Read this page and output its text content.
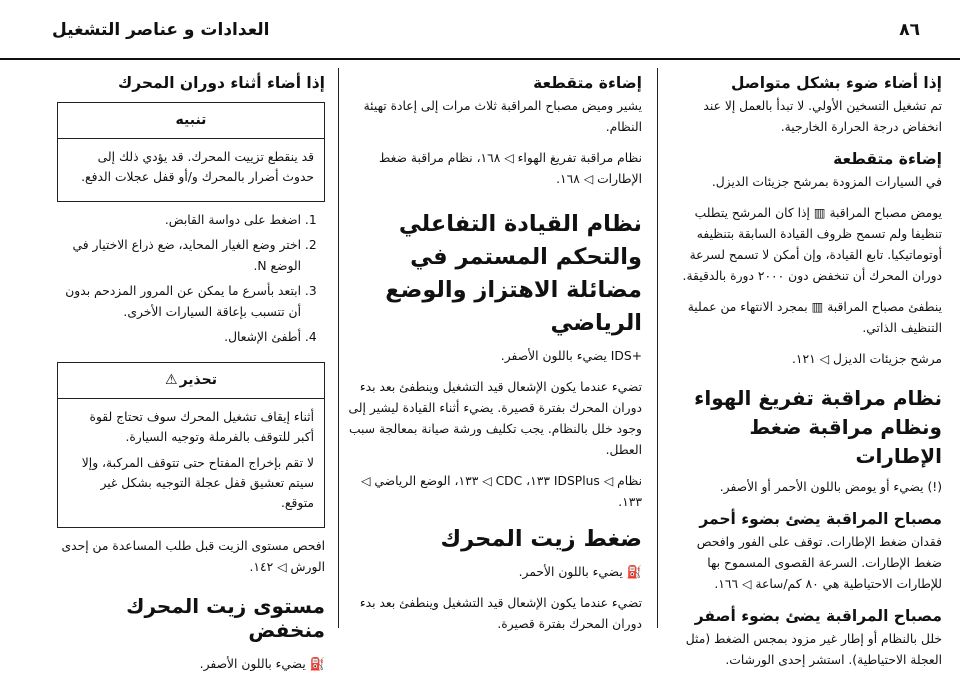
٨٦
العدادات و عناصر التشغيل
إذا أضاء ضوء بشكل متواصل

تم تشغيل التسخين الأولي. لا تبدأ بالعمل إلا عند انخفاض درجة الحرارة الخارجية.

إضاءة متقطعة

في السيارات المزودة بمرشح جزيئات الديزل.

يومض مصباح المراقبة ▥ إذا كان المرشح يتطلب تنظيفا ولم تسمح ظروف القيادة السابقة بتنظيفه أوتوماتيكيا. تابع القيادة، وإن أمكن لا تسمح لسرعة دوران المحرك أن تنخفض دون ٢٠٠٠ دورة بالدقيقة.

ينطفئ مصباح المراقبة ▥ بمجرد الانتهاء من عملية التنظيف الذاتي.

مرشح جزيئات الديزل ◁ ١٢١.

نظام مراقبة تفريغ الهواء ونظام مراقبة ضغط الإطارات

(!) يضيء أو يومض باللون الأحمر أو الأصفر.

مصباح المراقبة يضئ بضوء أحمر

فقدان ضغط الإطارات. توقف على الفور وافحص ضغط الإطارات. السرعة القصوى المسموح بها للإطارات الاحتياطية هي ٨٠ كم/ساعة ◁ ١٦٦.

مصباح المراقبة يضئ بضوء أصفر

خلل بالنظام أو إطار غير مزود بمجس الضغط (مثل العجلة الاحتياطية). استشر إحدى الورشات.

إضاءة متقطعة

يشير وميض مصباح المراقبة ثلاث مرات إلى إعادة تهيئة النظام.

نظام مراقبة تفريغ الهواء ◁ ١٦٨، نظام مراقبة ضغط الإطارات ◁ ١٦٨.

نظام القيادة التفاعلي والتحكم المستمر في مضائلة الاهتزاز والوضع الرياضي

+IDS يضيء باللون الأصفر.

تضيء عندما يكون الإشعال قيد التشغيل وينطفئ بعد بدء دوران المحرك بفترة قصيرة. يضيء أثناء القيادة ليشير إلى وجود خلل بالنظام. يجب تكليف ورشة صيانة بمعالجة سبب العطل.

نظام ◁ IDSPlus ١٣٣، CDC ◁ ١٣٣، الوضع الرياضي ◁ ١٣٣.

ضغط زيت المحرك

⛽ يضيء باللون الأحمر.

تضيء عندما يكون الإشعال قيد التشغيل وينطفئ بعد بدء دوران المحرك بفترة قصيرة.

إذا أضاء أثناء دوران المحرك
تنبيه

قد ينقطع تزييت المحرك. قد يؤدي ذلك إلى حدوث أضرار بالمحرك و/أو قفل عجلات الدفع.

1. اضغط على دواسة القابض.
2. اختر وضع الغيار المحايد، ضع ذراع الاختيار في الوضع N.
3. ابتعد بأسرع ما يمكن عن المرور المزدحم بدون أن تتسبب بإعاقة السيارات الأخرى.
4. أطفئ الإشعال.
تحذير⚠

أثناء إيقاف تشغيل المحرك سوف تحتاج لقوة أكبر للتوقف بالفرملة وتوجيه السيارة.

لا تقم بإخراج المفتاح حتى تتوقف المركبة، وإلا سيتم تعشيق قفل عجلة التوجيه بشكل غير متوقع.

افحص مستوى الزيت قبل طلب المساعدة من إحدى الورش ◁ ١٤٢.

مستوى زيت المحرك منخفض

⛽ يضيء باللون الأصفر.
